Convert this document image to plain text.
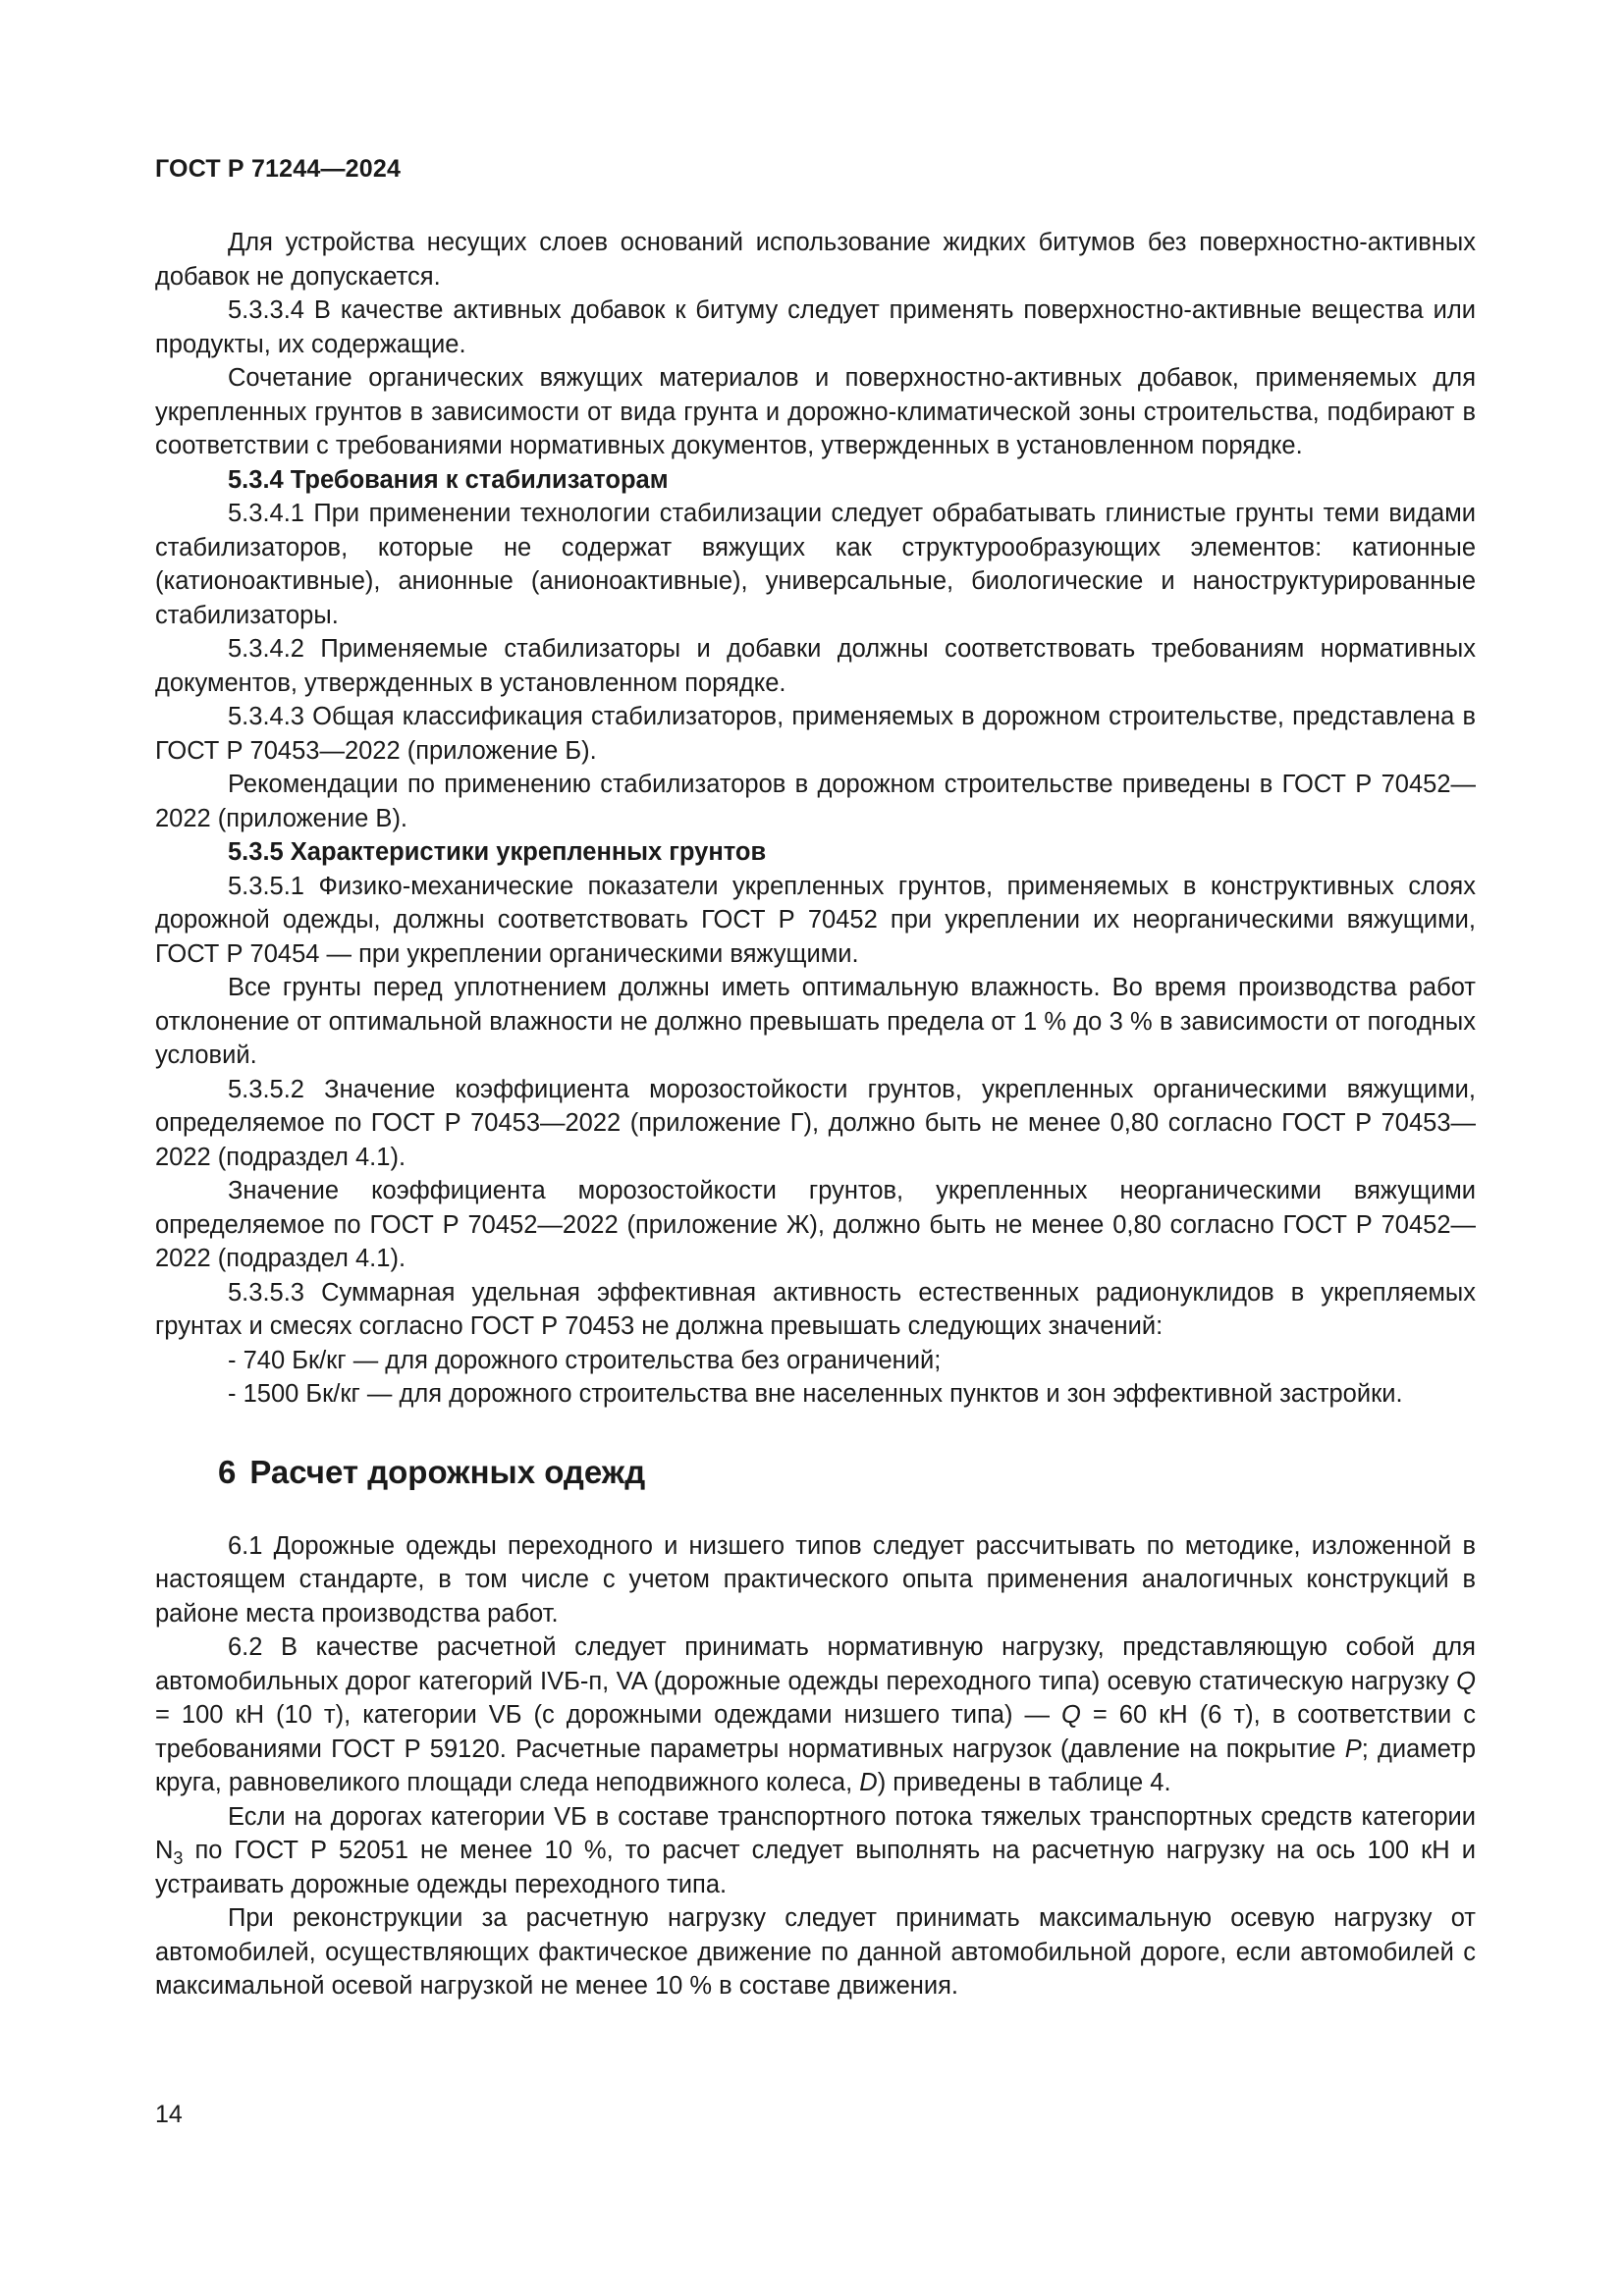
ГОСТ Р 71244—2024

Для устройства несущих слоев оснований использование жидких битумов без поверхностно-активных добавок не допускается.

5.3.3.4 В качестве активных добавок к битуму следует применять поверхностно-активные вещества или продукты, их содержащие.

Сочетание органических вяжущих материалов и поверхностно-активных добавок, применяемых для укрепленных грунтов в зависимости от вида грунта и дорожно-климатической зоны строительства, подбирают в соответствии с требованиями нормативных документов, утвержденных в установленном порядке.

5.3.4 Требования к стабилизаторам

5.3.4.1 При применении технологии стабилизации следует обрабатывать глинистые грунты теми видами стабилизаторов, которые не содержат вяжущих как структурообразующих элементов: катионные (катионоактивные), анионные (анионоактивные), универсальные, биологические и наноструктурированные стабилизаторы.

5.3.4.2 Применяемые стабилизаторы и добавки должны соответствовать требованиям нормативных документов, утвержденных в установленном порядке.

5.3.4.3 Общая классификация стабилизаторов, применяемых в дорожном строительстве, представлена в ГОСТ Р 70453—2022 (приложение Б).

Рекомендации по применению стабилизаторов в дорожном строительстве приведены в ГОСТ Р 70452—2022 (приложение В).

5.3.5 Характеристики укрепленных грунтов

5.3.5.1 Физико-механические показатели укрепленных грунтов, применяемых в конструктивных слоях дорожной одежды, должны соответствовать ГОСТ Р 70452 при укреплении их неорганическими вяжущими, ГОСТ Р 70454 — при укреплении органическими вяжущими.

Все грунты перед уплотнением должны иметь оптимальную влажность. Во время производства работ отклонение от оптимальной влажности не должно превышать предела от 1 % до 3 % в зависимости от погодных условий.

5.3.5.2 Значение коэффициента морозостойкости грунтов, укрепленных органическими вяжущими, определяемое по ГОСТ Р 70453—2022 (приложение Г), должно быть не менее 0,80 согласно ГОСТ Р 70453—2022 (подраздел 4.1).

Значение коэффициента морозостойкости грунтов, укрепленных неорганическими вяжущими определяемое по ГОСТ Р 70452—2022 (приложение Ж), должно быть не менее 0,80 согласно ГОСТ Р 70452—2022 (подраздел 4.1).

5.3.5.3 Суммарная удельная эффективная активность естественных радионуклидов в укрепляемых грунтах и смесях согласно ГОСТ Р 70453 не должна превышать следующих значений:

- 740 Бк/кг — для дорожного строительства без ограничений;

- 1500 Бк/кг — для дорожного строительства вне населенных пунктов и зон эффективной застройки.

6 Расчет дорожных одежд

6.1 Дорожные одежды переходного и низшего типов следует рассчитывать по методике, изложенной в настоящем стандарте, в том числе с учетом практического опыта применения аналогичных конструкций в районе места производства работ.

6.2 В качестве расчетной следует принимать нормативную нагрузку, представляющую собой для автомобильных дорог категорий IVБ-п, VA (дорожные одежды переходного типа) осевую статическую нагрузку Q = 100 кН (10 т), категории VБ (с дорожными одеждами низшего типа) — Q = 60 кН (6 т), в соответствии с требованиями ГОСТ Р 59120. Расчетные параметры нормативных нагрузок (давление на покрытие P; диаметр круга, равновеликого площади следа неподвижного колеса, D) приведены в таблице 4.

Если на дорогах категории VБ в составе транспортного потока тяжелых транспортных средств категории $N_3$ по ГОСТ Р 52051 не менее 10 %, то расчет следует выполнять на расчетную нагрузку на ось 100 кН и устраивать дорожные одежды переходного типа.

При реконструкции за расчетную нагрузку следует принимать максимальную осевую нагрузку от автомобилей, осуществляющих фактическое движение по данной автомобильной дороге, если автомобилей с максимальной осевой нагрузкой не менее 10 % в составе движения.

14
